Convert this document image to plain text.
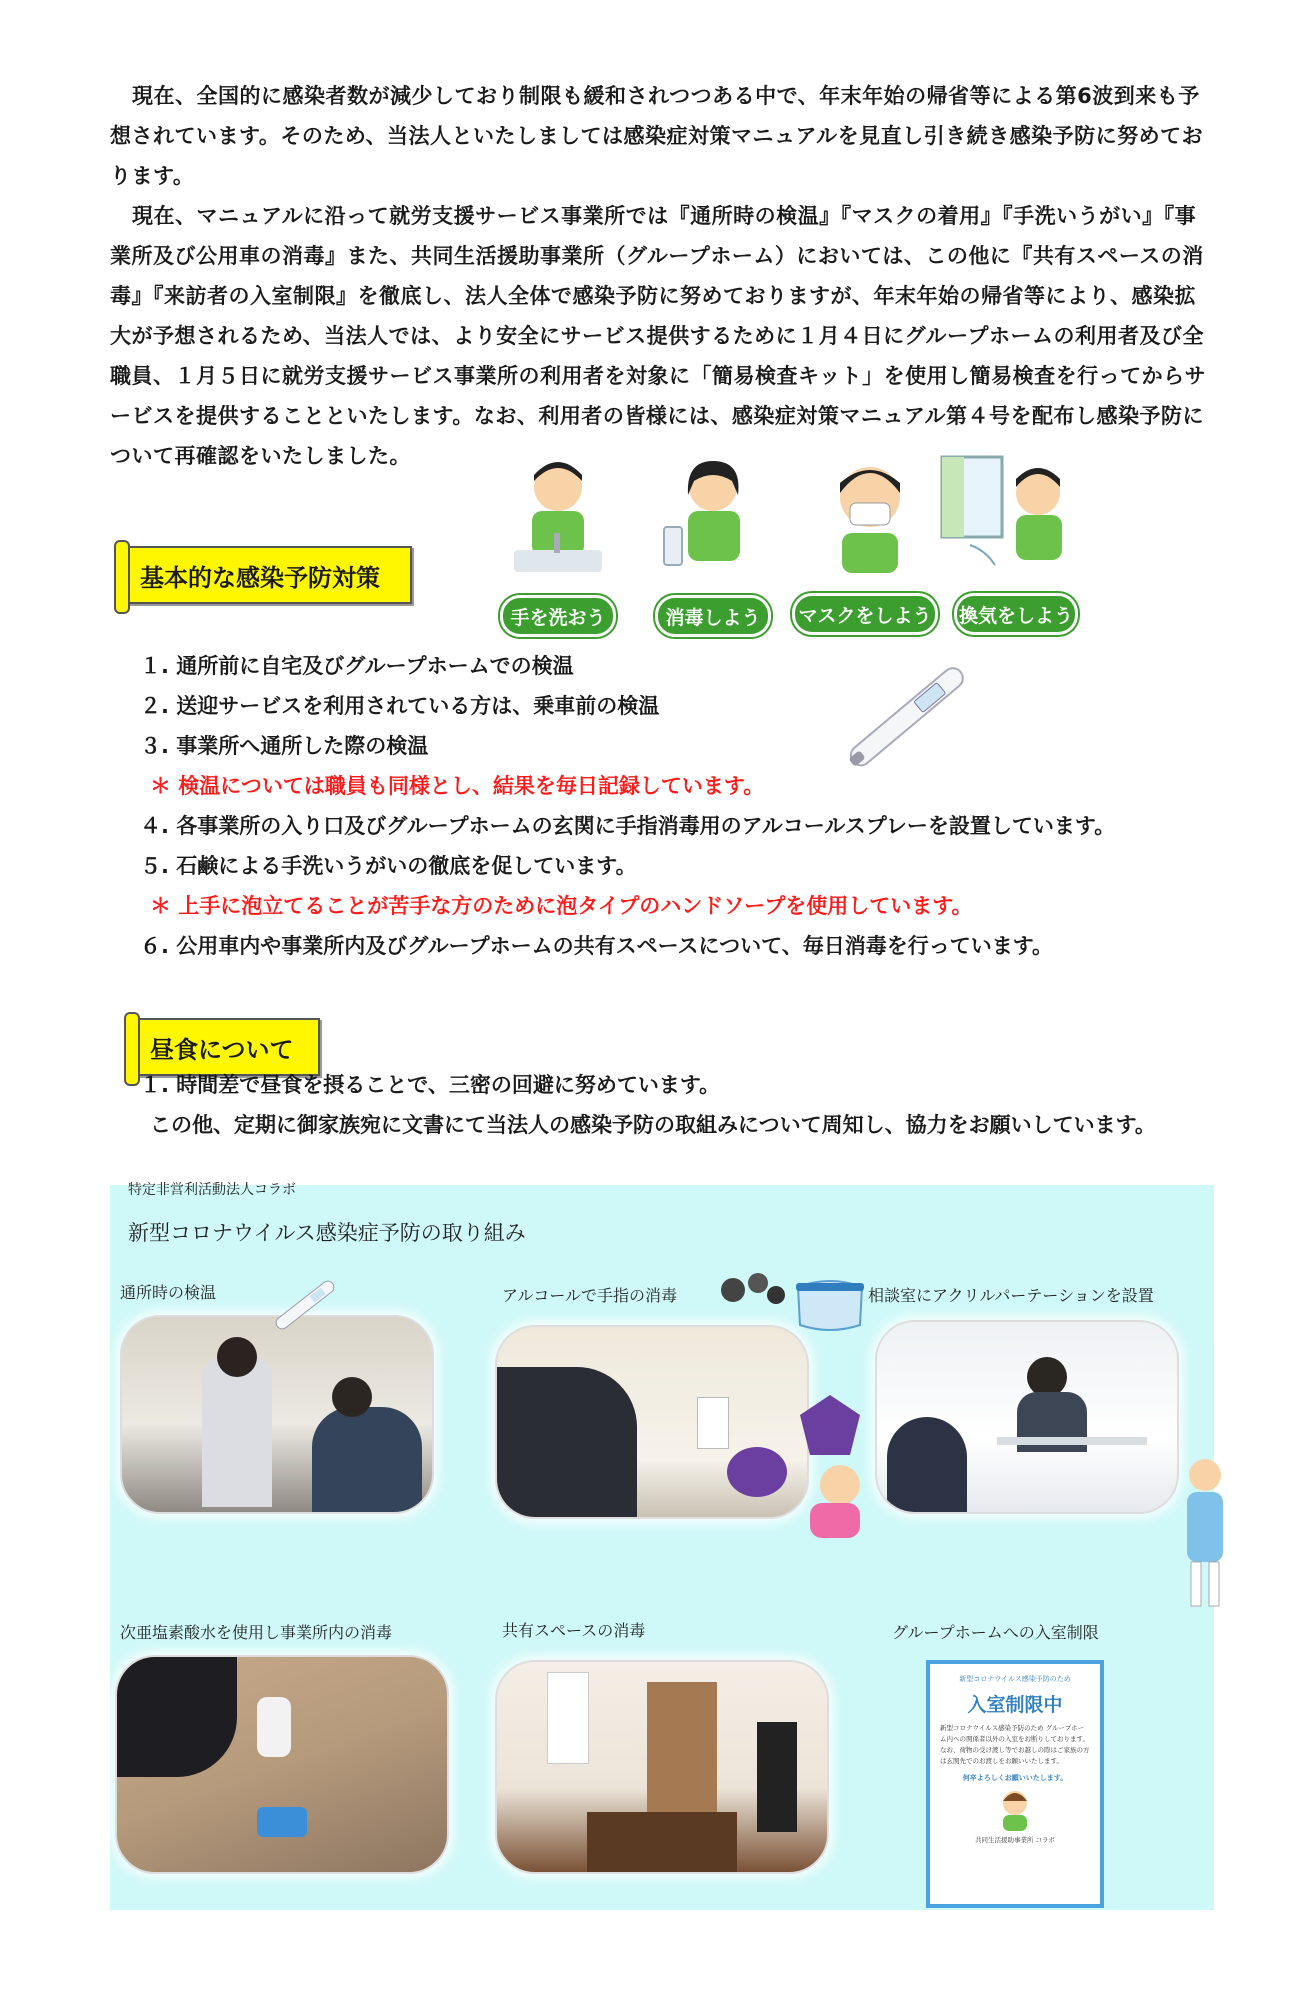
現在、全国的に感染者数が減少しており制限も緩和されつつある中で、年末年始の帰省等による第6波到来も予想されています。そのため、当法人といたしましては感染症対策マニュアルを見直し引き続き感染予防に努めております。

現在、マニュアルに沿って就労支援サービス事業所では『通所時の検温』『マスクの着用』『手洗いうがい』『事業所及び公用車の消毒』また、共同生活援助事業所（グループホーム）においては、この他に『共有スペースの消毒』『来訪者の入室制限』を徹底し、法人全体で感染予防に努めておりますが、年末年始の帰省等により、感染拡大が予想されるため、当法人では、より安全にサービス提供するために１月４日にグループホームの利用者及び全職員、１月５日に就労支援サービス事業所の利用者を対象に「簡易検査キット」を使用し簡易検査を行ってからサービスを提供することといたします。なお、利用者の皆様には、感染症対策マニュアル第４号を配布し感染予防について再確認をいたしました。

手を洗おう	消毒しよう	マスクをしよう	換気をしよう
基本的な感染予防対策
１. 通所前に自宅及びグループホームでの検温
２. 送迎サービスを利用されている方は、乗車前の検温
３. 事業所へ通所した際の検温
＊ 検温については職員も同様とし、結果を毎日記録しています。
４. 各事業所の入り口及びグループホームの玄関に手指消毒用のアルコールスプレーを設置しています。
５. 石鹸による手洗いうがいの徹底を促しています。
＊ 上手に泡立てることが苦手な方のために泡タイプのハンドソープを使用しています。
６. 公用車内や事業所内及びグループホームの共有スペースについて、毎日消毒を行っています。
昼食について
１. 時間差で昼食を摂ることで、三密の回避に努めています。
この他、定期に御家族宛に文書にて当法人の感染予防の取組みについて周知し、協力をお願いしています。
特定非営利活動法人コラボ
新型コロナウイルス感染症予防の取り組み
通所時の検温	アルコールで手指の消毒	相談室にアクリルパーテーションを設置
次亜塩素酸水を使用し事業所内の消毒	共有スペースの消毒	グループホームへの入室制限
新型コロナウイルス感染予防のため
入室制限中
新型コロナウイルス感染予防のため グループホーム内への関係者以外の入室をお断りしております。 なお、荷物の受け渡し等でお越しの際はご家族の方は玄関先でのお渡しをお願いいたします。
何卒よろしくお願いいたします。
共同生活援助事業所 コラボ
